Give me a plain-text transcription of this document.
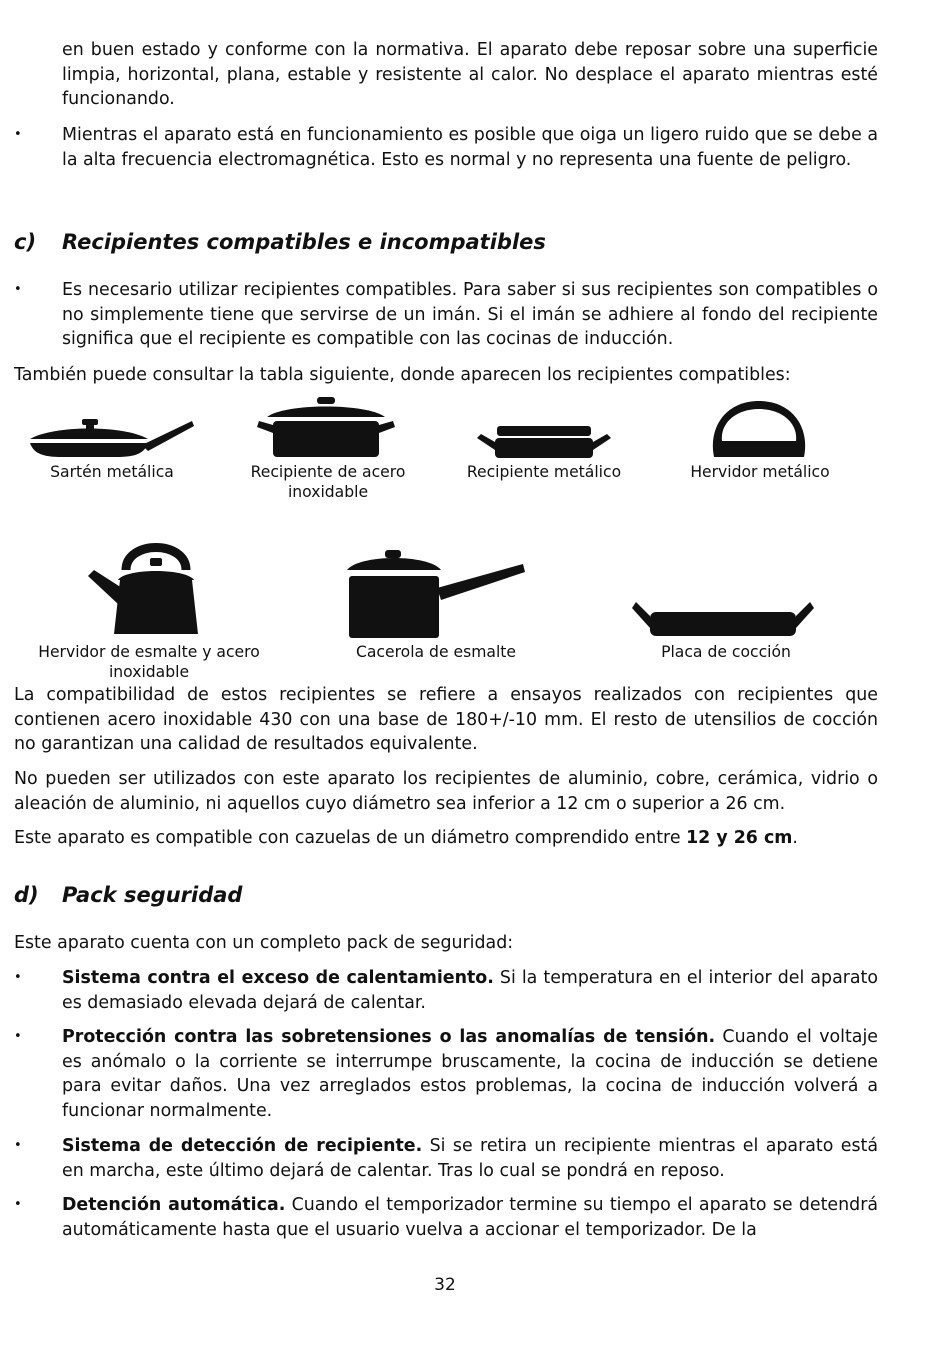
en buen estado y conforme con la normativa. El aparato debe reposar sobre una superficie limpia, horizontal, plana, estable y resistente al calor. No desplace el aparato mientras esté funcionando.

•	Mientras el aparato está en funcionamiento es posible que oiga un ligero ruido que se debe a la alta frecuencia electromagnética. Esto es normal y no representa una fuente de peligro.
c) Recipientes compatibles e incompatibles
•	Es necesario utilizar recipientes compatibles. Para saber si sus recipientes son compatibles o no simplemente tiene que servirse de un imán. Si el imán se adhiere al fondo del recipiente significa que el recipiente es compatible con las cocinas de inducción.

También puede consultar la tabla siguiente, donde aparecen los recipientes compatibles:

Sartén metálica	Recipiente de acero inoxidable
Recipiente metálico	Hervidor metálico
Hervidor de esmalte y acero inoxidable
Cacerola de esmalte	Placa de cocción

La compatibilidad de estos recipientes se refiere a ensayos realizados con recipientes que contienen acero inoxidable 430 con una base de 180+/-10 mm. El resto de utensilios de cocción no garantizan una calidad de resultados equivalente.

No pueden ser utilizados con este aparato los recipientes de aluminio, cobre, cerámica, vidrio o aleación de aluminio, ni aquellos cuyo diámetro sea inferior a 12 cm o superior a 26 cm.

Este aparato es compatible con cazuelas de un diámetro comprendido entre 12 y 26 cm.

d) Pack seguridad

Este aparato cuenta con un completo pack de seguridad:

•	Sistema contra el exceso de calentamiento. Si la temperatura en el interior del aparato es demasiado elevada dejará de calentar.
•	Protección contra las sobretensiones o las anomalías de tensión. Cuando el voltaje es anómalo o la corriente se interrumpe bruscamente, la cocina de inducción se detiene para evitar daños. Una vez arreglados estos problemas, la cocina de inducción volverá a funcionar normalmente.
•	Sistema de detección de recipiente. Si se retira un recipiente mientras el aparato está en marcha, este último dejará de calentar. Tras lo cual se pondrá en reposo.
•	Detención automática. Cuando el temporizador termine su tiempo el aparato se detendrá automáticamente hasta que el usuario vuelva a accionar el temporizador. De la
32
